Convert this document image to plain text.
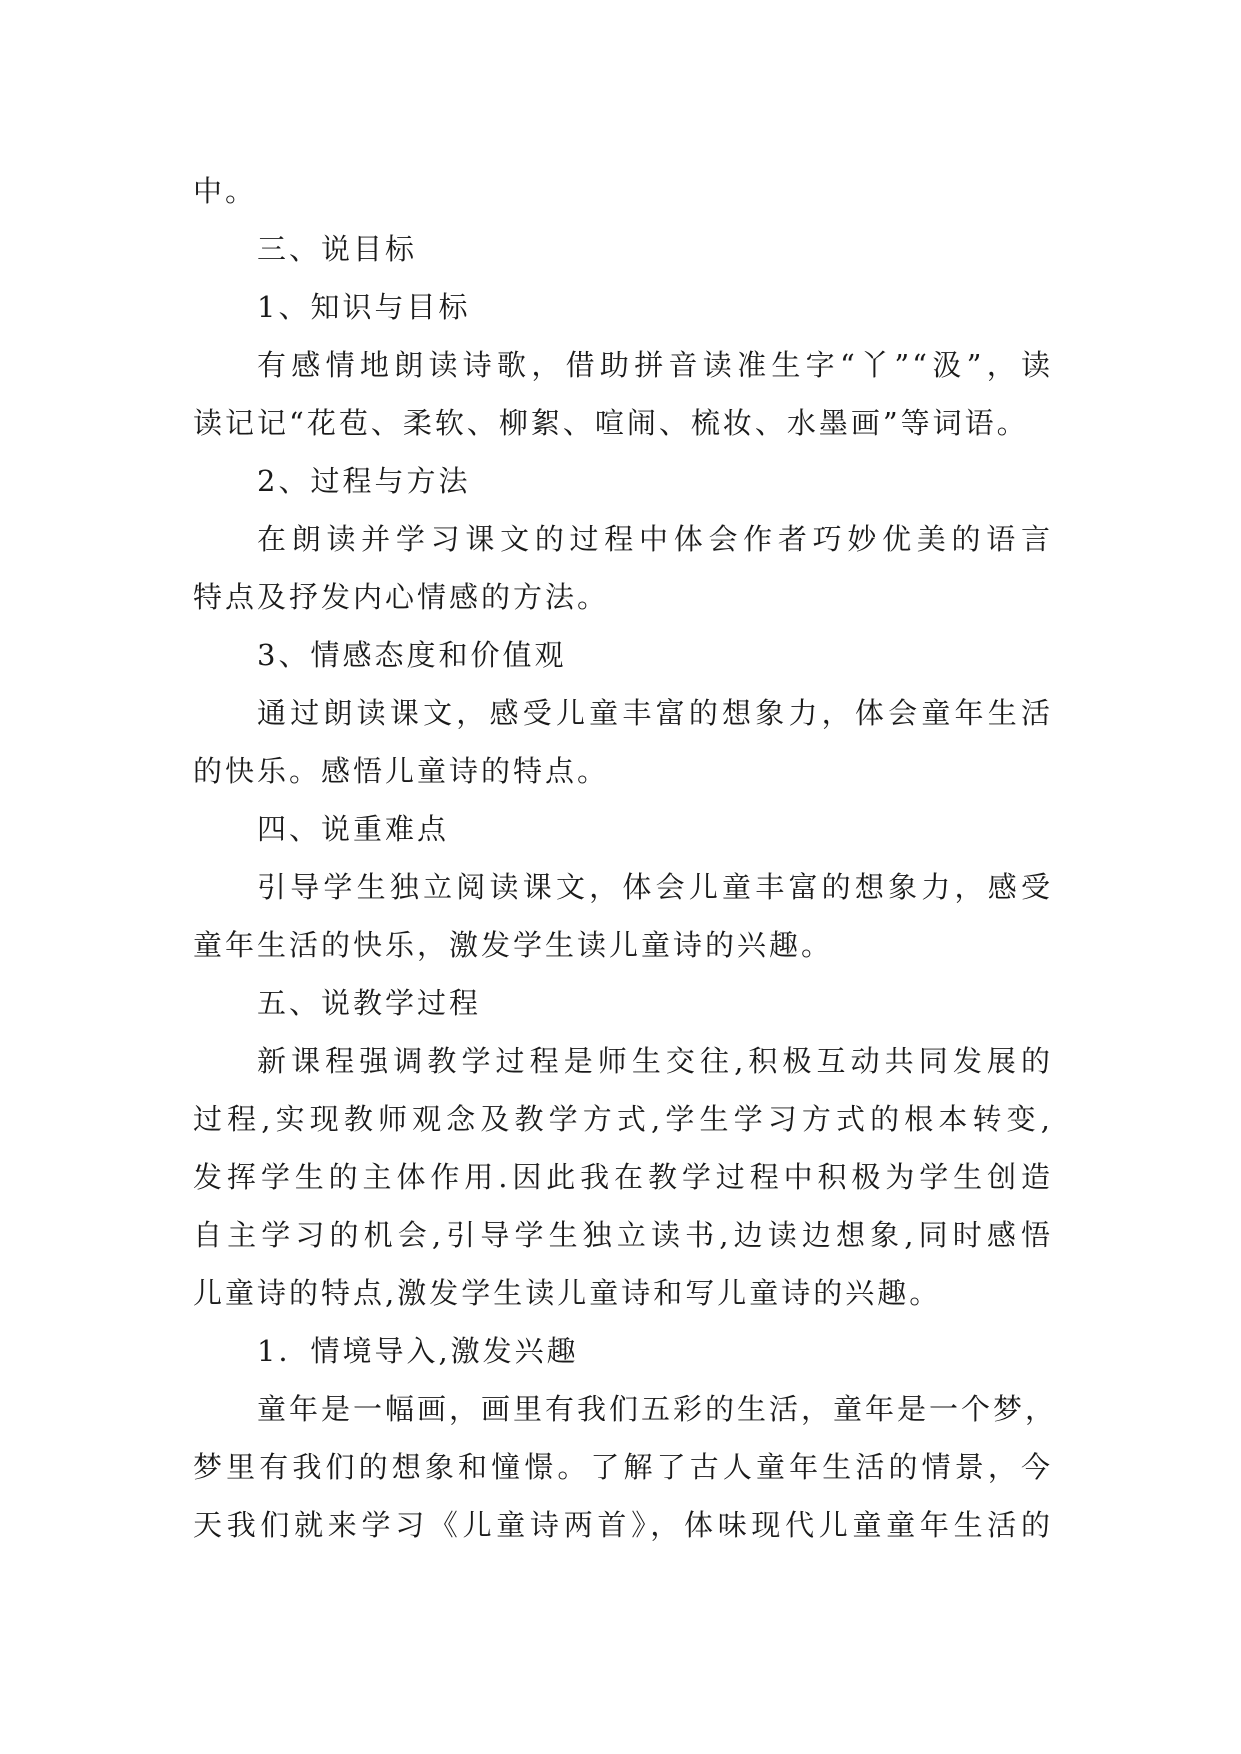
中。
三、说目标
1、知识与目标
有感情地朗读诗歌，借助拼音读准生字“丫”“汲”，读
读记记“花苞、柔软、柳絮、喧闹、梳妆、水墨画”等词语。
2、过程与方法
在朗读并学习课文的过程中体会作者巧妙优美的语言
特点及抒发内心情感的方法。
3、情感态度和价值观
通过朗读课文，感受儿童丰富的想象力，体会童年生活
的快乐。感悟儿童诗的特点。
四、说重难点
引导学生独立阅读课文，体会儿童丰富的想象力，感受
童年生活的快乐，激发学生读儿童诗的兴趣。
五、说教学过程
新课程强调教学过程是师生交往,积极互动共同发展的
过程,实现教师观念及教学方式,学生学习方式的根本转变,
发挥学生的主体作用.因此我在教学过程中积极为学生创造
自主学习的机会,引导学生独立读书,边读边想象,同时感悟
儿童诗的特点,激发学生读儿童诗和写儿童诗的兴趣。
1．情境导入,激发兴趣
童年是一幅画，画里有我们五彩的生活，童年是一个梦，
梦里有我们的想象和憧憬。了解了古人童年生活的情景，今
天我们就来学习《儿童诗两首》，体味现代儿童童年生活的
